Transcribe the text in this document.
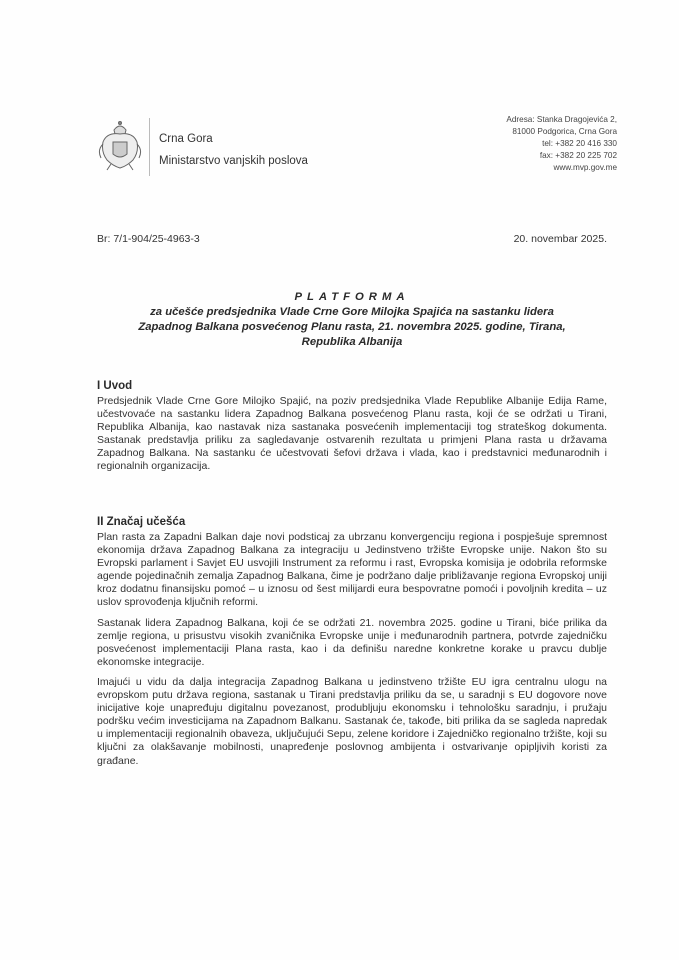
Crna Gora
Ministarstvo vanjskih poslova
Adresa: Stanka Dragojevića 2,
81000 Podgorica, Crna Gora
tel: +382 20 416 330
fax: +382 20 225 702
www.mvp.gov.me
Br: 7/1-904/25-4963-3	20. novembar 2025.
PLATFORMA
za učešće predsjednika Vlade Crne Gore Milojka Spajića na sastanku lidera
Zapadnog Balkana posvećenog Planu rasta, 21. novembra 2025. godine, Tirana,
Republika Albanija
I Uvod

Predsjednik Vlade Crne Gore Milojko Spajić, na poziv predsjednika Vlade Republike Albanije Edija Rame, učestvovaće na sastanku lidera Zapadnog Balkana posvećenog Planu rasta, koji će se održati u Tirani, Republika Albanija, kao nastavak niza sastanaka posvećenih implementaciji tog strateškog dokumenta. Sastanak predstavlja priliku za sagledavanje ostvarenih rezultata u primjeni Plana rasta u državama Zapadnog Balkana. Na sastanku će učestvovati šefovi država i vlada, kao i predstavnici međunarodnih i regionalnih organizacija.

II Značaj učešća

Plan rasta za Zapadni Balkan daje novi podsticaj za ubrzanu konvergenciju regiona i pospješuje spremnost ekonomija država Zapadnog Balkana za integraciju u Jedinstveno tržište Evropske unije. Nakon što su Evropski parlament i Savjet EU usvojili Instrument za reformu i rast, Evropska komisija je odobrila reformske agende pojedinačnih zemalja Zapadnog Balkana, čime je podržano dalje približavanje regiona Evropskoj uniji kroz dodatnu finansijsku pomoć – u iznosu od šest milijardi eura bespovratne pomoći i povoljnih kredita – uz uslov sprovođenja ključnih reformi.

Sastanak lidera Zapadnog Balkana, koji će se održati 21. novembra 2025. godine u Tirani, biće prilika da zemlje regiona, u prisustvu visokih zvaničnika Evropske unije i međunarodnih partnera, potvrde zajedničku posvećenost implementaciji Plana rasta, kao i da definišu naredne konkretne korake u pravcu dublje ekonomske integracije.

Imajući u vidu da dalja integracija Zapadnog Balkana u jedinstveno tržište EU igra centralnu ulogu na evropskom putu država regiona, sastanak u Tirani predstavlja priliku da se, u saradnji s EU dogovore nove inicijative koje unapređuju digitalnu povezanost, produbljuju ekonomsku i tehnološku saradnju, i pružaju podršku većim investicijama na Zapadnom Balkanu. Sastanak će, takođe, biti prilika da se sagleda napredak u implementaciji regionalnih obaveza, uključujući Sepu, zelene koridore i Zajedničko regionalno tržište, koji su ključni za olakšavanje mobilnosti, unapređenje poslovnog ambijenta i ostvarivanje opipljivih koristi za građane.
